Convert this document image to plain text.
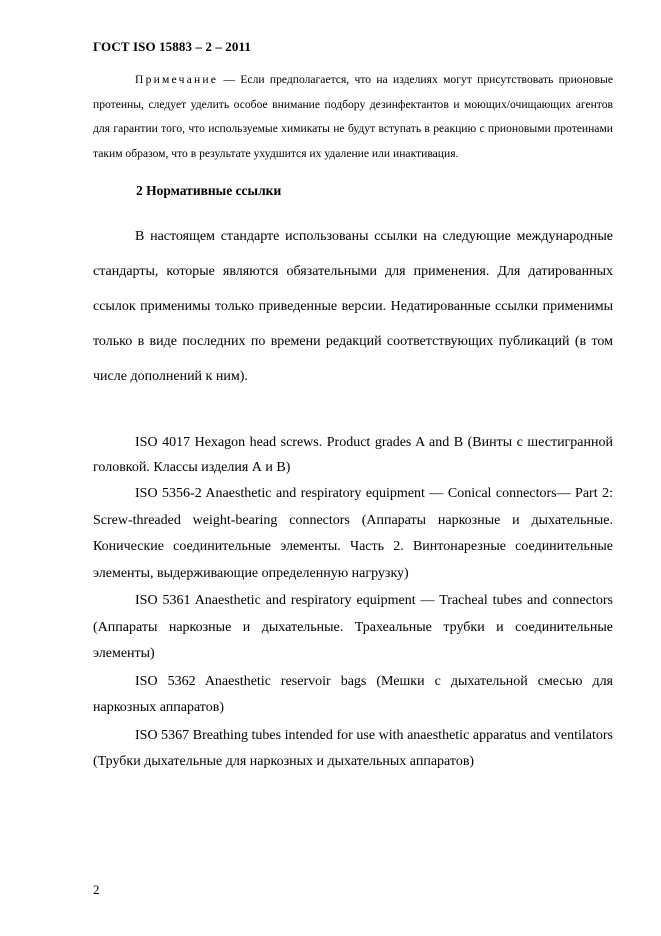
ГОСТ ISO 15883 – 2 – 2011
Примечание — Если предполагается, что на изделиях могут присутствовать прионовые протеины, следует уделить особое внимание подбору дезинфектантов и моющих/очищающих агентов для гарантии того, что используемые химикаты не будут вступать в реакцию с прионовыми протеинами таким образом, что в результате ухудшится их удаление или инактивация.
2 Нормативные ссылки

В настоящем стандарте использованы ссылки на следующие международные стандарты, которые являются обязательными для применения. Для датированных ссылок применимы только приведенные версии. Недатированные ссылки применимы только в виде последних по времени редакций соответствующих публикаций (в том числе дополнений к ним).

ISO 4017 Hexagon head screws. Product grades A and B (Винты с шестигранной головкой. Классы изделия А и В)

ISO 5356-2 Anaesthetic and respiratory equipment — Conical connectors— Part 2: Screw-threaded weight-bearing connectors (Аппараты наркозные и дыхательные. Конические соединительные элементы. Часть 2. Винтонарезные соединительные элементы, выдерживающие определенную нагрузку)

ISO 5361 Anaesthetic and respiratory equipment — Tracheal tubes and connectors (Аппараты наркозные и дыхательные. Трахеальные трубки и соединительные элементы)

ISO 5362 Anaesthetic reservoir bags (Мешки с дыхательной смесью для наркозных аппаратов)

ISO 5367 Breathing tubes intended for use with anaesthetic apparatus and ventilators (Трубки дыхательные для наркозных и дыхательных аппаратов)

2
